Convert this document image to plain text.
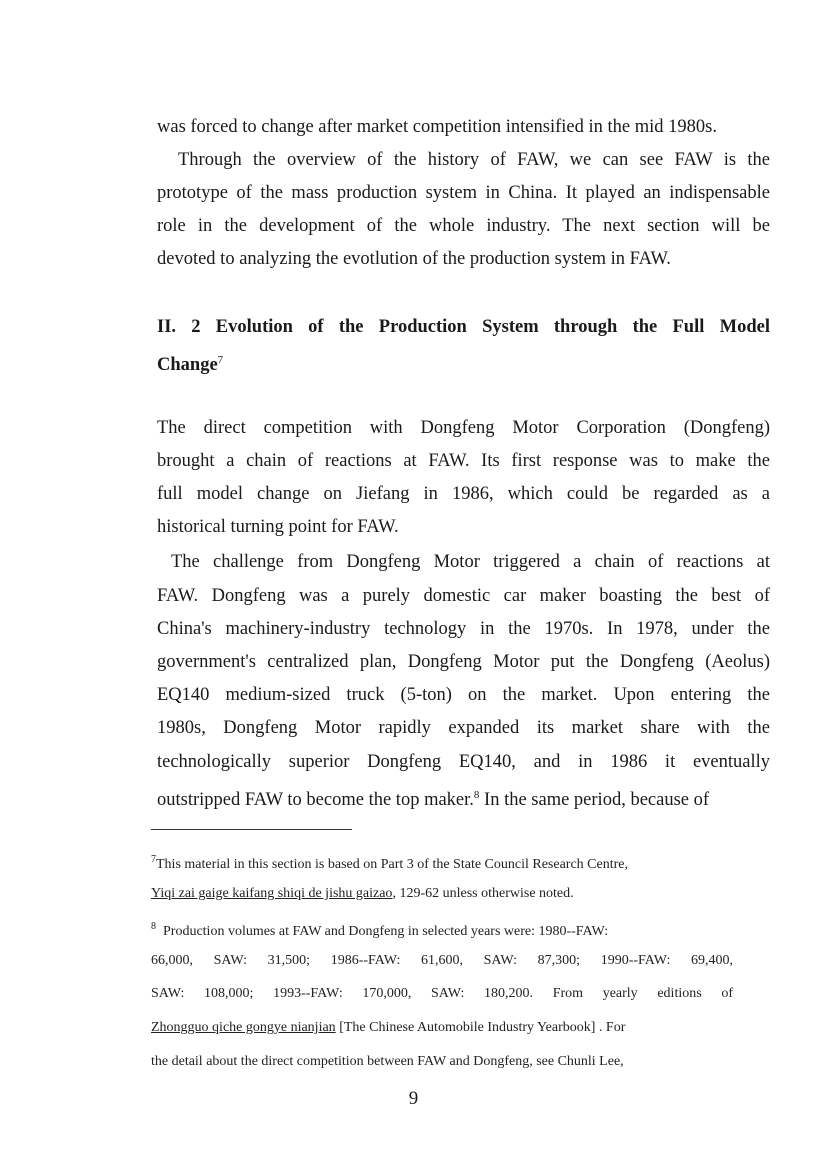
was forced to change after market competition intensified in the mid 1980s.
Through the overview of the history of FAW, we can see FAW is the
prototype of the mass production system in China. It played an indispensable
role in the development of the whole industry. The next section will be
devoted to analyzing the evotlution of the production system in FAW.
II. 2 Evolution of the Production System through the Full Model
Change$^7$
The direct competition with Dongfeng Motor Corporation (Dongfeng)
brought a chain of reactions at FAW. Its first response was to make the
full model change on Jiefang in 1986, which could be regarded as a
historical turning point for FAW.
The challenge from Dongfeng Motor triggered a chain of reactions at
FAW. Dongfeng was a purely domestic car maker boasting the best of
China's machinery-industry technology in the 1970s. In 1978, under the
government's centralized plan, Dongfeng Motor put the Dongfeng (Aeolus)
EQ140 medium-sized truck (5-ton) on the market. Upon entering the
1980s, Dongfeng Motor rapidly expanded its market share with the
technologically superior Dongfeng EQ140, and in 1986 it eventually
outstripped FAW to become the top maker.$^8$ In the same period, because of
$^7$This material in this section is based on Part 3 of the State Council Research Centre,
Yiqi zai gaige kaifang shiqi de jishu gaizao, 129-62 unless otherwise noted.
$^8$ Production volumes at FAW and Dongfeng in selected years were: 1980--FAW:
66,000, SAW: 31,500; 1986--FAW: 61,600, SAW: 87,300; 1990--FAW: 69,400,
SAW: 108,000; 1993--FAW: 170,000, SAW: 180,200. From yearly editions of
Zhongguo qiche gongye nianjian [The Chinese Automobile Industry Yearbook] . For
the detail about the direct competition between FAW and Dongfeng, see Chunli Lee,
9
